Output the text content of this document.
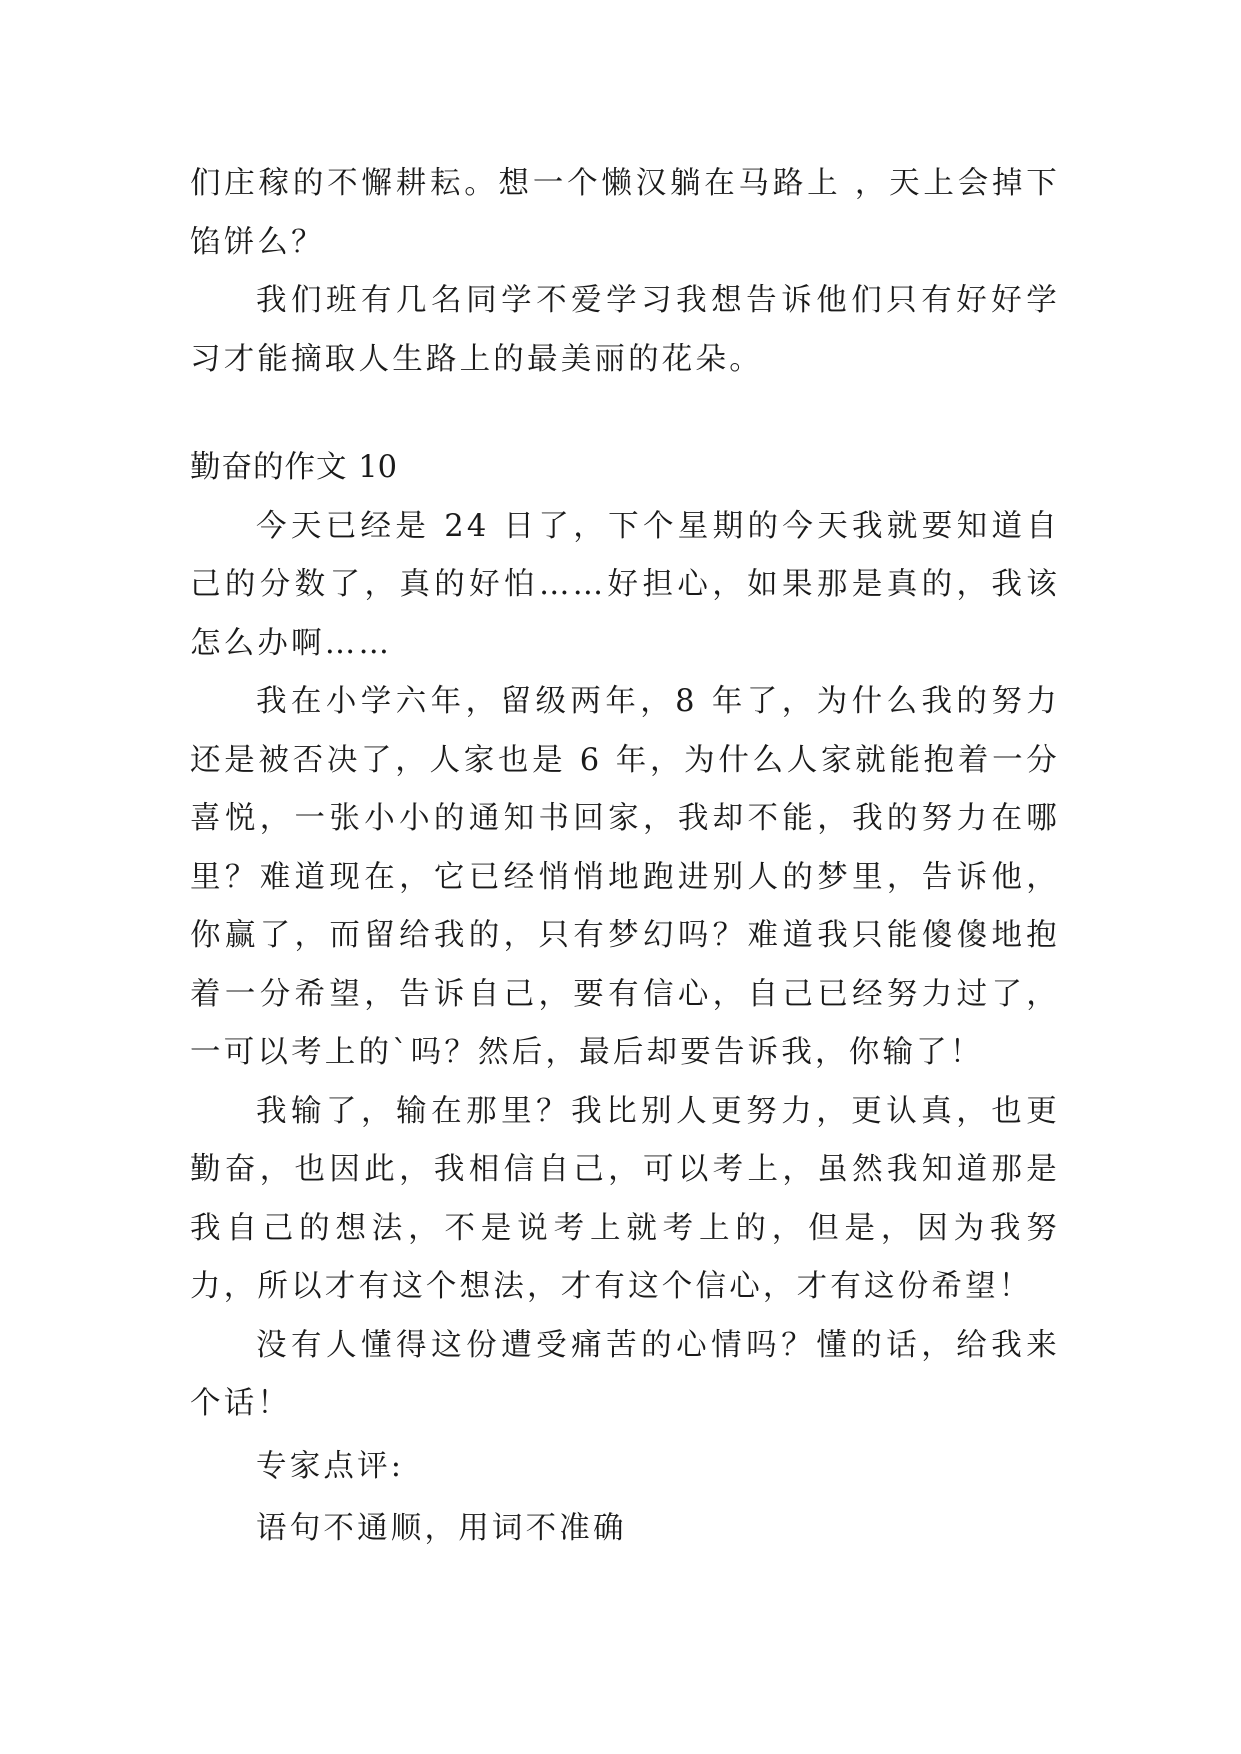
们庄稼的不懈耕耘。想一个懒汉躺在马路上 ，天上会掉下馅饼么？

我们班有几名同学不爱学习我想告诉他们只有好好学习才能摘取人生路上的最美丽的花朵。

勤奋的作文 10

今天已经是 24 日了，下个星期的今天我就要知道自己的分数了，真的好怕……好担心，如果那是真的，我该怎么办啊……

我在小学六年，留级两年，8 年了，为什么我的努力还是被否决了，人家也是 6 年，为什么人家就能抱着一分喜悦，一张小小的通知书回家，我却不能，我的努力在哪里？难道现在，它已经悄悄地跑进别人的梦里，告诉他，你赢了，而留给我的，只有梦幻吗？难道我只能傻傻地抱着一分希望，告诉自己，要有信心，自己已经努力过了，一可以考上的`吗？然后，最后却要告诉我，你输了！

我输了，输在那里？我比别人更努力，更认真，也更勤奋，也因此，我相信自己，可以考上，虽然我知道那是我自己的想法，不是说考上就考上的，但是，因为我努力，所以才有这个想法，才有这个信心，才有这份希望！

没有人懂得这份遭受痛苦的心情吗？懂的话，给我来个话！

专家点评:

语句不通顺，用词不准确
